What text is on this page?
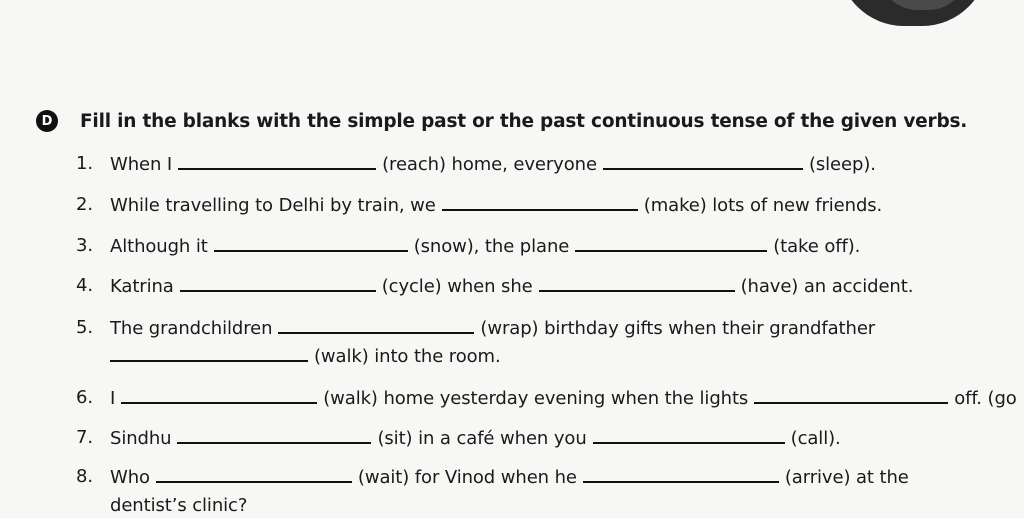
D	Fill in the blanks with the simple past or the past continuous tense of the given verbs.
1. When I	(reach) home, everyone	(sleep).
2. While travelling to Delhi by train, we	(make) lots of new friends.
3. Although it	(snow), the plane	(take off).
4. Katrina	(cycle) when she	(have) an accident.
5. The grandchildren	(wrap) birthday gifts when their grandfather
(walk) into the room.
6. I	(walk) home yesterday evening when the lights	off. (go
7. Sindhu	(sit) in a café when you	(call).
8. Who	(wait) for Vinod when he	(arrive) at the
dentist’s clinic?
